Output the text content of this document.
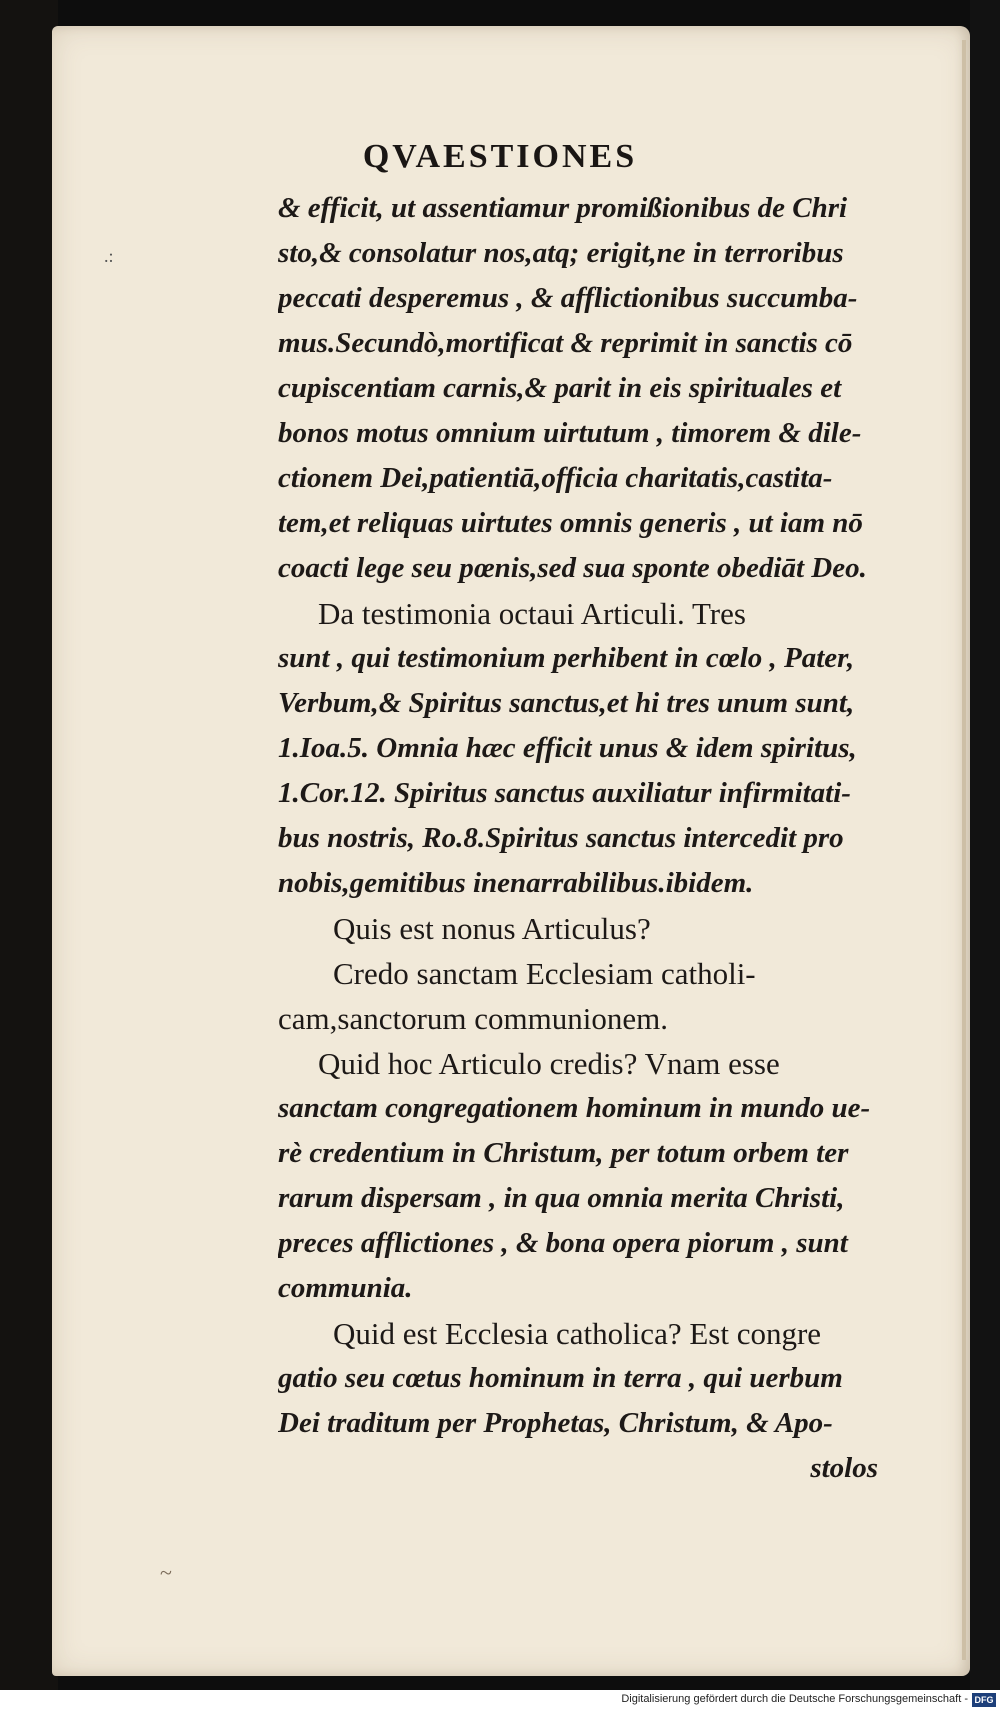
.:
QVAESTIONES
& efficit, ut assentiamur promißionibus de Chri
sto,& consolatur nos,atq; erigit,ne in terroribus
peccati desperemus , & afflictionibus succumba-
mus.Secundò,mortificat & reprimit in sanctis cō
cupiscentiam carnis,& parit in eis spirituales et
bonos motus omnium uirtutum , timorem & dile-
ctionem Dei,patientiā,officia charitatis,castita-
tem,et reliquas uirtutes omnis generis , ut iam nō
coacti lege seu pœnis,sed sua sponte obediāt Deo.
Da testimonia octaui Articuli. Tres
sunt , qui testimonium perhibent in cœlo , Pater,
Verbum,& Spiritus sanctus,et hi tres unum sunt,
1.Ioa.5. Omnia hæc efficit unus & idem spiritus,
1.Cor.12. Spiritus sanctus auxiliatur infirmitati-
bus nostris, Ro.8.Spiritus sanctus intercedit pro
nobis,gemitibus inenarrabilibus.ibidem.
Quis est nonus Articulus?
Credo sanctam Ecclesiam catholi-
cam,sanctorum communionem.
Quid hoc Articulo credis? Vnam esse
sanctam congregationem hominum in mundo ue-
rè credentium in Christum, per totum orbem ter
rarum dispersam , in qua omnia merita Christi,
preces afflictiones , & bona opera piorum , sunt
communia.
Quid est Ecclesia catholica? Est congre
gatio seu cœtus hominum in terra , qui uerbum
Dei traditum per Prophetas, Christum, & Apo-
stolos
~
Digitalisierung gefördert durch die Deutsche Forschungsgemeinschaft - DFG
